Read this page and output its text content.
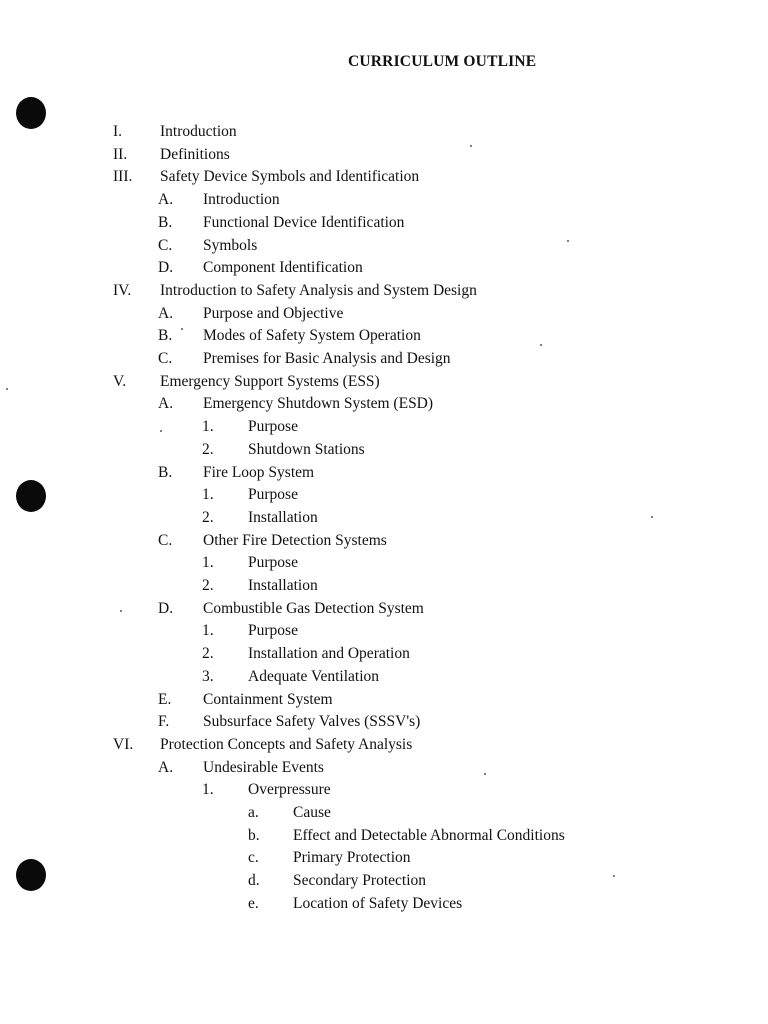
CURRICULUM OUTLINE
I. Introduction
II. Definitions
III. Safety Device Symbols and Identification
A. Introduction
B. Functional Device Identification
C. Symbols
D. Component Identification
IV. Introduction to Safety Analysis and System Design
A. Purpose and Objective
B. Modes of Safety System Operation
C. Premises for Basic Analysis and Design
V. Emergency Support Systems (ESS)
A. Emergency Shutdown System (ESD)
1. Purpose
2. Shutdown Stations
B. Fire Loop System
1. Purpose
2. Installation
C. Other Fire Detection Systems
1. Purpose
2. Installation
D. Combustible Gas Detection System
1. Purpose
2. Installation and Operation
3. Adequate Ventilation
E. Containment System
F. Subsurface Safety Valves (SSSV's)
VI. Protection Concepts and Safety Analysis
A. Undesirable Events
1. Overpressure
a. Cause
b. Effect and Detectable Abnormal Conditions
c. Primary Protection
d. Secondary Protection
e. Location of Safety Devices
